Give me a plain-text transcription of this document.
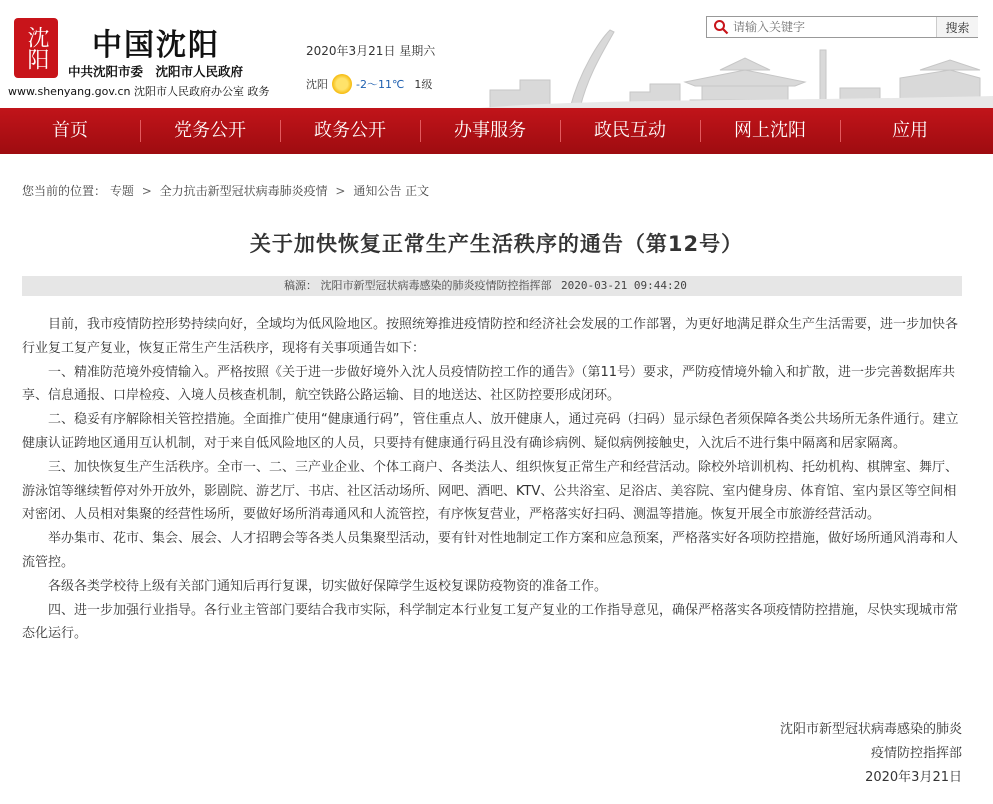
沈阳	中国沈阳
中共沈阳市委　沈阳市人民政府
www.shenyang.gov.cn 沈阳市人民政府办公室 政务
2020年3月21日 星期六
沈阳	-2～11℃ 1级
请输入关键字
搜索
首页	党务公开	政务公开	办事服务	政民互动	网上沈阳	应用
您当前的位置： 专题 > 全力抗击新型冠状病毒肺炎疫情 > 通知公告 正文
关于加快恢复正常生产生活秩序的通告（第12号）
稿源： 沈阳市新型冠状病毒感染的肺炎疫情防控指挥部 2020-03-21 09:44:20

目前，我市疫情防控形势持续向好，全域均为低风险地区。按照统筹推进疫情防控和经济社会发展的工作部署，为更好地满足群众生产生活需要，进一步加快各行业复工复产复业，恢复正常生产生活秩序，现将有关事项通告如下：

一、精准防范境外疫情输入。严格按照《关于进一步做好境外入沈人员疫情防控工作的通告》（第11号）要求，严防疫情境外输入和扩散，进一步完善数据库共享、信息通报、口岸检疫、入境人员核查机制，航空铁路公路运输、目的地送达、社区防控要形成闭环。

二、稳妥有序解除相关管控措施。全面推广使用“健康通行码”，管住重点人、放开健康人，通过亮码（扫码）显示绿色者须保障各类公共场所无条件通行。建立健康认证跨地区通用互认机制，对于来自低风险地区的人员，只要持有健康通行码且没有确诊病例、疑似病例接触史，入沈后不进行集中隔离和居家隔离。

三、加快恢复生产生活秩序。全市一、二、三产业企业、个体工商户、各类法人、组织恢复正常生产和经营活动。除校外培训机构、托幼机构、棋牌室、舞厅、游泳馆等继续暂停对外开放外，影剧院、游艺厅、书店、社区活动场所、网吧、酒吧、KTV、公共浴室、足浴店、美容院、室内健身房、体育馆、室内景区等空间相对密闭、人员相对集聚的经营性场所，要做好场所消毒通风和人流管控，有序恢复营业，严格落实好扫码、测温等措施。恢复开展全市旅游经营活动。

举办集市、花市、集会、展会、人才招聘会等各类人员集聚型活动，要有针对性地制定工作方案和应急预案，严格落实好各项防控措施，做好场所通风消毒和人流管控。

各级各类学校待上级有关部门通知后再行复课，切实做好保障学生返校复课防疫物资的准备工作。

四、进一步加强行业指导。各行业主管部门要结合我市实际，科学制定本行业复工复产复业的工作指导意见，确保严格落实各项疫情防控措施，尽快实现城市常态化运行。

沈阳市新型冠状病毒感染的肺炎
疫情防控指挥部
2020年3月21日
